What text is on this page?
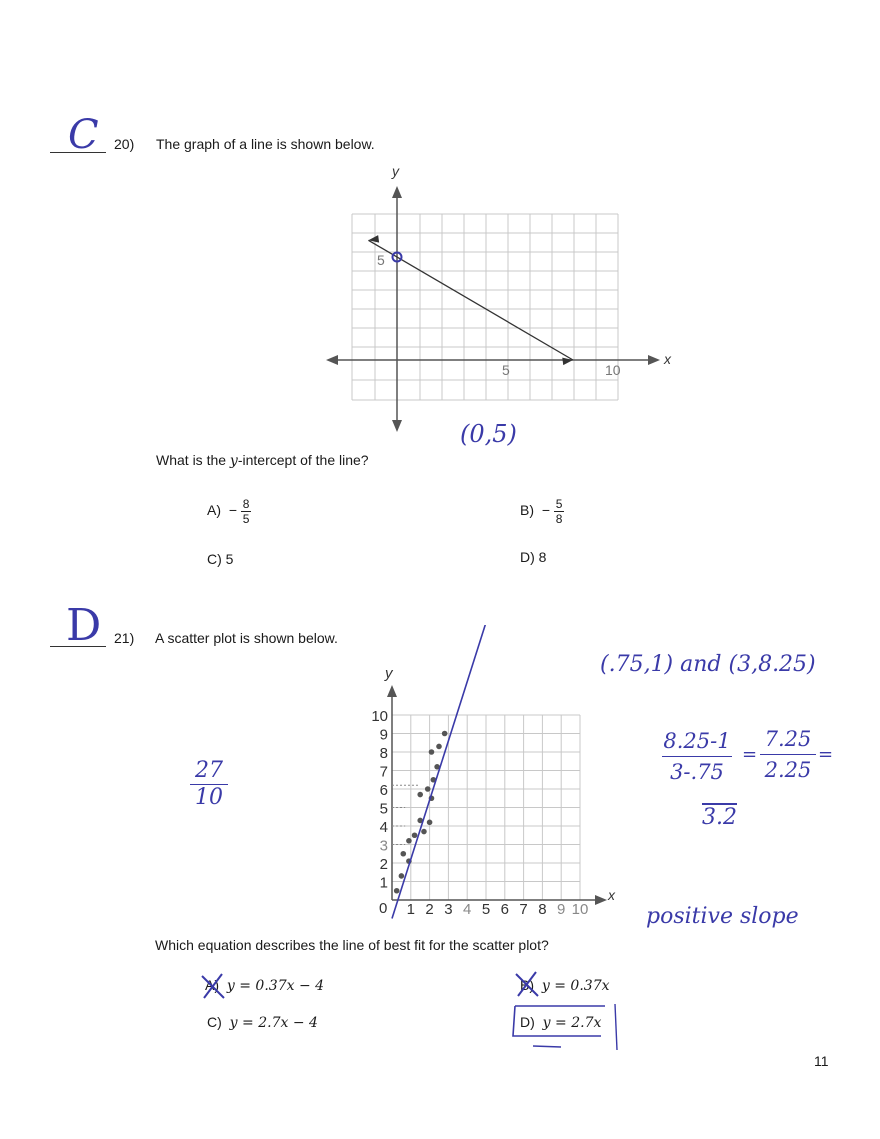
C 20) The graph of a line is shown below.
x
y
5
5	10
(0,5)
What is the y-intercept of the line?
$A) - \frac{8}{5}$	$B) - \frac{5}{8}$
C) 5	D) 8
D 21) A scatter plot is shown below.
x
y
0 1 2 3 4 5 6 7 8 9 10
1
2
3
4
5
6
7
8
9
10
(.75,1) and (3,8.25)
8.25-1
3-.75
=
7.25
2.25
=
3.2
27
10
positive slope
Which equation describes the line of best fit for the scatter plot?
A) y = 0.37x − 4	B) y = 0.37x
C) y = 2.7x − 4	D) y = 2.7x
11
